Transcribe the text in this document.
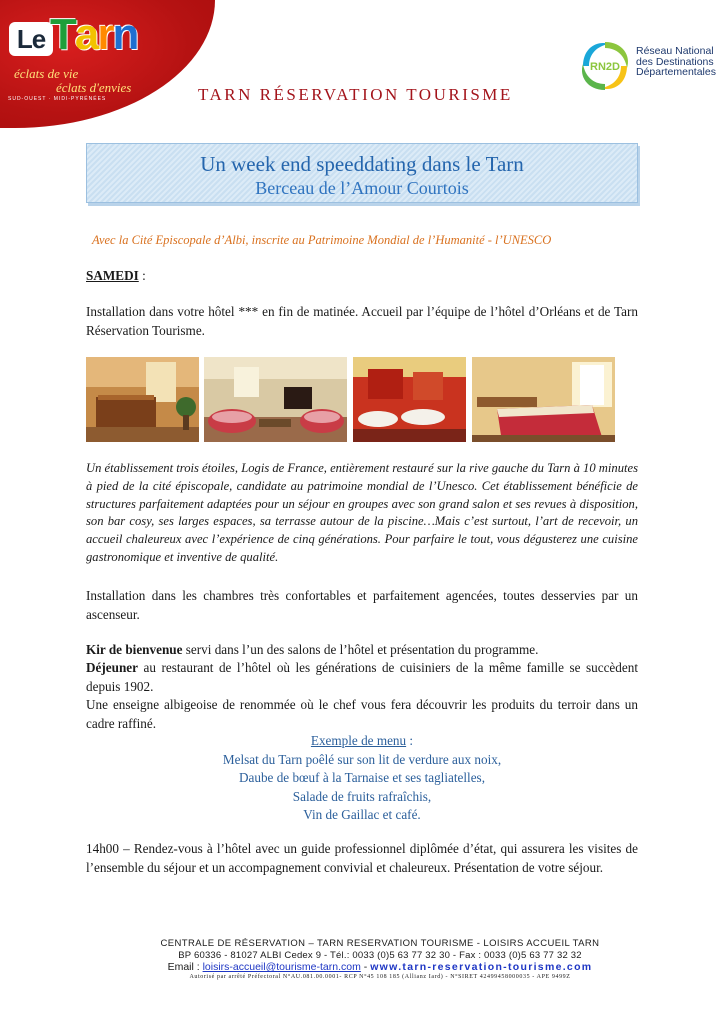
Le T
a
r
n
éclats de vie
éclats d'envies
SUD-OUEST · MIDI-PYRÉNÉES	TARN RÉSERVATION TOURISME
RN2D
Réseau National
des Destinations
Départementales
Un week end speeddating dans le Tarn
Berceau de l’Amour Courtois
Avec la Cité Episcopale d’Albi, inscrite au Patrimoine Mondial de l’Humanité - l’UNESCO

SAMEDI :

Installation dans votre hôtel *** en fin de matinée. Accueil par l’équipe de l’hôtel d’Orléans et de Tarn Réservation Tourisme.

Un établissement trois étoiles, Logis de France, entièrement restauré sur la rive gauche du Tarn à 10 minutes à pied de la cité épiscopale, candidate au patrimoine mondial de l’Unesco. Cet établissement bénéficie de structures parfaitement adaptées pour un séjour en groupes avec son grand salon et ses revues à disposition, son bar cosy, ses larges espaces, sa terrasse autour de la piscine…Mais c’est surtout, l’art de recevoir, un accueil chaleureux avec l’expérience de cinq générations. Pour parfaire le tout, vous dégusterez une cuisine gastronomique et inventive de qualité.

Installation dans les chambres très confortables et parfaitement agencées, toutes desservies par un ascenseur.

Kir de bienvenue servi dans l’un des salons de l’hôtel et présentation du programme.

Déjeuner au restaurant de l’hôtel où les générations de cuisiniers de la même famille se succèdent depuis 1902.

Une enseigne albigeoise de renommée où le chef vous fera découvrir les produits du terroir dans un cadre raffiné.

Exemple de menu :
Melsat du Tarn poêlé sur son lit de verdure aux noix,
Daube de bœuf à la Tarnaise et ses tagliatelles,
Salade de fruits rafraîchis,
Vin de Gaillac et café.

14h00 – Rendez-vous à l’hôtel avec un guide professionnel diplômée d’état, qui assurera les visites de l’ensemble du séjour et un accompagnement convivial et chaleureux. Présentation de votre séjour.

CENTRALE DE RÉSERVATION – TARN RESERVATION TOURISME - LOISIRS ACCUEIL TARN
BP 60336 - 81027 ALBI Cedex 9 - Tél.: 0033 (0)5 63 77 32 30 - Fax : 0033 (0)5 63 77 32 32
Email : loisirs-accueil@tourisme-tarn.com - www.tarn-reservation-tourisme.com
Autorisé par arrêté Préfectoral N°AU.081.00.0001- RCP N°45 108 185 (Allianz Iard) - N°SIRET 42499458000035 - APE 9499Z
